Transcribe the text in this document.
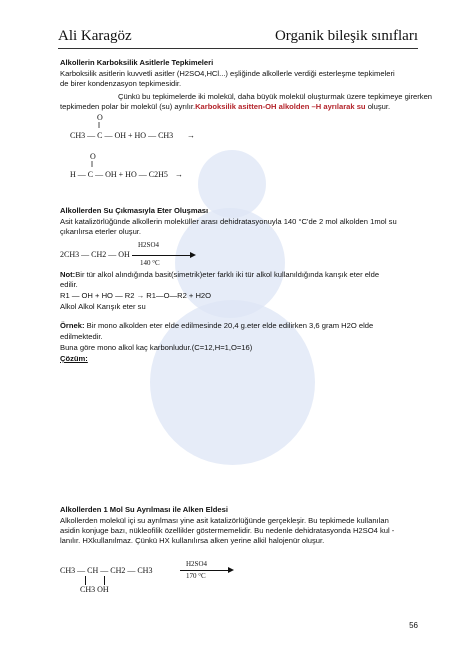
Ali Karagöz	Organik bileşik sınıfları
Alkollerin Karboksilik Asitlerle Tepkimeleri
Karboksilik asitlerin kuvvetli asitler (H2SO4,HCl...) eşliğinde alkollerle verdiği esterleşme tepkimeleri
de birer kondenzasyon tepkimesidir.
Çünkü bu tepkimelerde iki molekül, daha büyük molekül oluşturmak üzere tepkimeye girerken
tepkimeden polar bir molekül (su) ayrılır.Karboksilik asitten-OH alkolden –H ayrılarak su oluşur.
O
‖
CH3 — C — OH + HO — CH3 →
O
‖
H — C — OH + HO — C2H5 →
Alkollerden Su Çıkmasıyla Eter Oluşması
Asit katalizörlüğünde alkollerin moleküller arası dehidratasyonuyla 140 °C'de 2 mol alkolden 1mol su
çıkarılırsa eterler oluşur.
2CH3 — CH2 — OH
H2SO4
140 °C
Not:Bir tür alkol alındığında basit(simetrik)eter farklı iki tür alkol kullanıldığında karışık eter elde
edilir.
R1 — OH + HO — R2 → R1—O—R2 + H2O
Alkol Alkol Karışık eter su
Örnek: Bir mono alkolden eter elde edilmesinde 20,4 g.eter elde edilirken 3,6 gram H2O elde
edilmektedir.
Buna göre mono alkol kaç karbonludur.(C=12,H=1,O=16)
Çözüm:
Alkollerden 1 Mol Su Ayrılması ile Alken Eldesi
Alkollerden molekül içi su ayrılması yine asit katalizörlüğünde gerçekleşir. Bu tepkimede kullanılan
asidin konjuge bazı, nükleofilik özellikler göstermemelidir. Bu nedenle dehidratasyonda H2SO4 kul -
lanılır. HXkullanılmaz. Çünkü HX kullanılırsa alken yerine alkil halojenür oluşur.
CH3 — CH — CH2 — CH3
CH3 OH
H2SO4
170 °C
56
